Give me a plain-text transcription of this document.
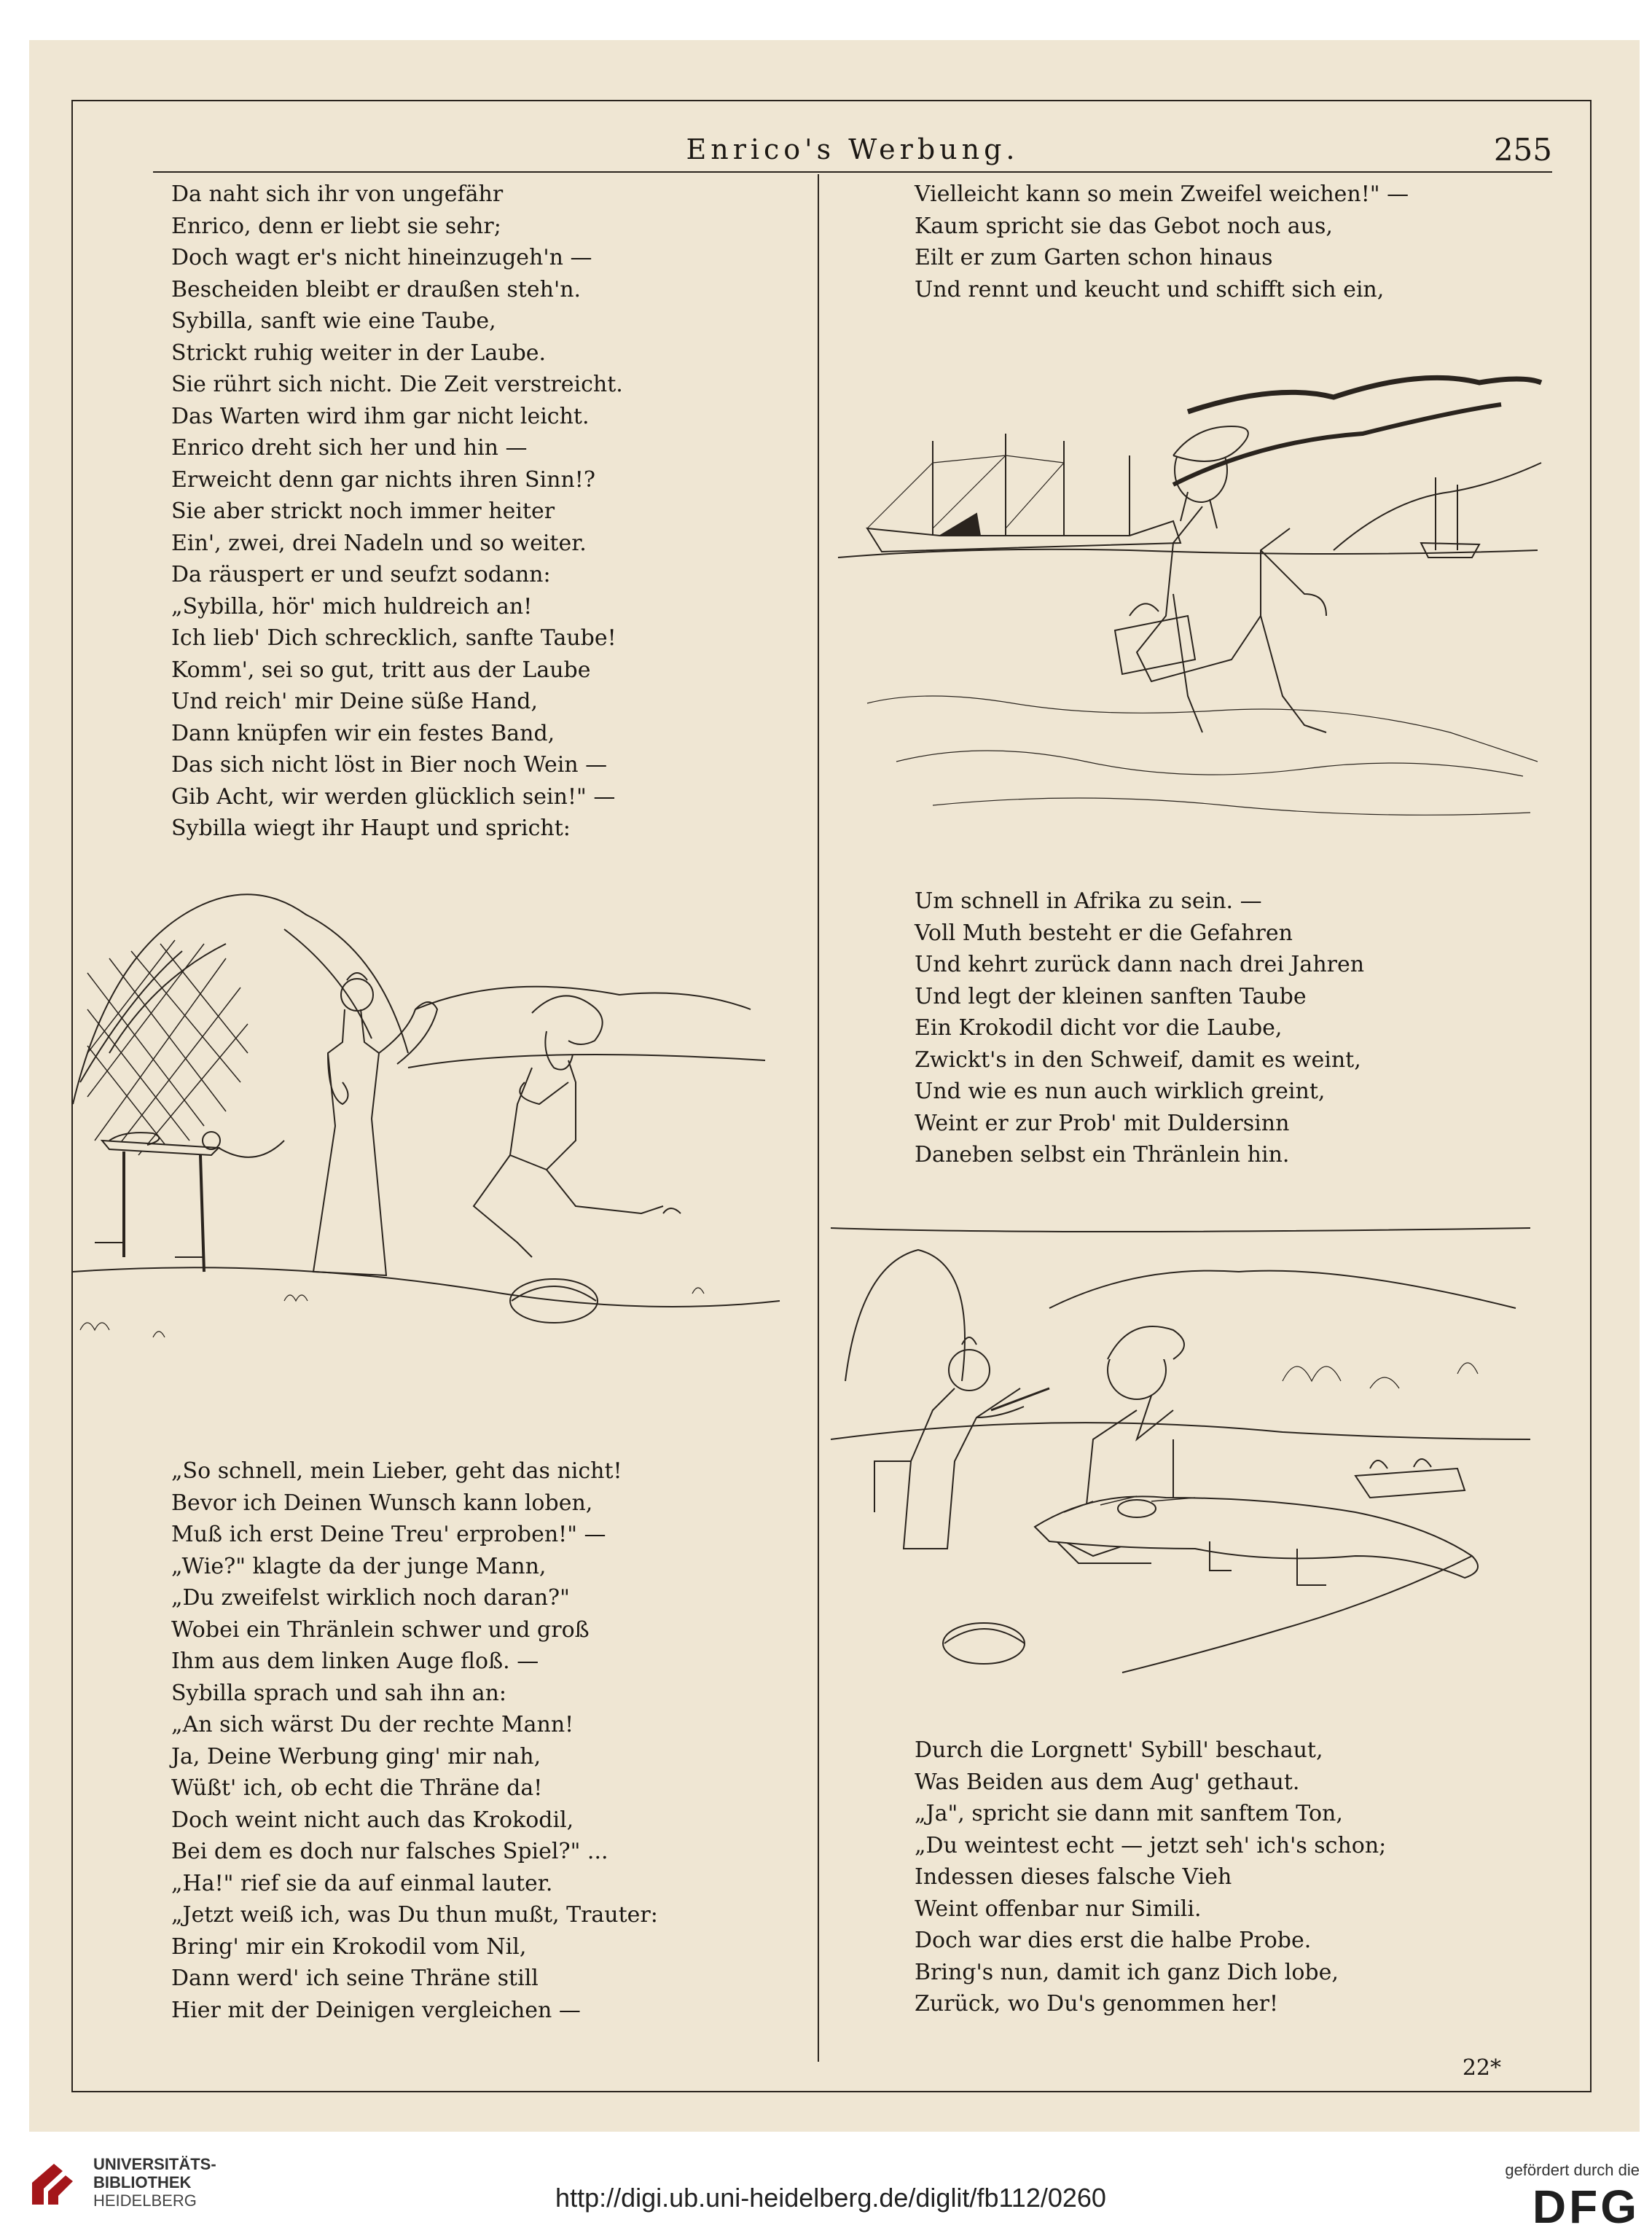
Enrico's Werbung.	255
Da naht sich ihr von ungefähr
Enrico, denn er liebt sie sehr;
Doch wagt er's nicht hineinzugeh'n —
Bescheiden bleibt er draußen steh'n.
Sybilla, sanft wie eine Taube,
Strickt ruhig weiter in der Laube.
Sie rührt sich nicht. Die Zeit verstreicht.
Das Warten wird ihm gar nicht leicht.
Enrico dreht sich her und hin —
Erweicht denn gar nichts ihren Sinn!?
Sie aber strickt noch immer heiter
Ein', zwei, drei Nadeln und so weiter.
Da räuspert er und seufzt sodann:
„Sybilla, hör' mich huldreich an!
Ich lieb' Dich schrecklich, sanfte Taube!
Komm', sei so gut, tritt aus der Laube
Und reich' mir Deine süße Hand,
Dann knüpfen wir ein festes Band,
Das sich nicht löst in Bier noch Wein —
Gib Acht, wir werden glücklich sein!" —
Sybilla wiegt ihr Haupt und spricht:
„So schnell, mein Lieber, geht das nicht!
Bevor ich Deinen Wunsch kann loben,
Muß ich erst Deine Treu' erproben!" —
„Wie?" klagte da der junge Mann,
„Du zweifelst wirklich noch daran?"
Wobei ein Thränlein schwer und groß
Ihm aus dem linken Auge floß. —
Sybilla sprach und sah ihn an:
„An sich wärst Du der rechte Mann!
Ja, Deine Werbung ging' mir nah,
Wüßt' ich, ob echt die Thräne da!
Doch weint nicht auch das Krokodil,
Bei dem es doch nur falsches Spiel?" ...
„Ha!" rief sie da auf einmal lauter.
„Jetzt weiß ich, was Du thun mußt, Trauter:
Bring' mir ein Krokodil vom Nil,
Dann werd' ich seine Thräne still
Hier mit der Deinigen vergleichen —
Vielleicht kann so mein Zweifel weichen!" —
Kaum spricht sie das Gebot noch aus,
Eilt er zum Garten schon hinaus
Und rennt und keucht und schifft sich ein,
Um schnell in Afrika zu sein. —
Voll Muth besteht er die Gefahren
Und kehrt zurück dann nach drei Jahren
Und legt der kleinen sanften Taube
Ein Krokodil dicht vor die Laube,
Zwickt's in den Schweif, damit es weint,
Und wie es nun auch wirklich greint,
Weint er zur Prob' mit Duldersinn
Daneben selbst ein Thränlein hin.
Durch die Lorgnett' Sybill' beschaut,
Was Beiden aus dem Aug' gethaut.
„Ja", spricht sie dann mit sanftem Ton,
„Du weintest echt — jetzt seh' ich's schon;
Indessen dieses falsche Vieh
Weint offenbar nur Simili.
Doch war dies erst die halbe Probe.
Bring's nun, damit ich ganz Dich lobe,
Zurück, wo Du's genommen her!
22*
UNIVERSITÄTS-
BIBLIOTHEK
HEIDELBERG	http://digi.ub.uni-heidelberg.de/diglit/fb112/0260
gefördert durch die
DFG
